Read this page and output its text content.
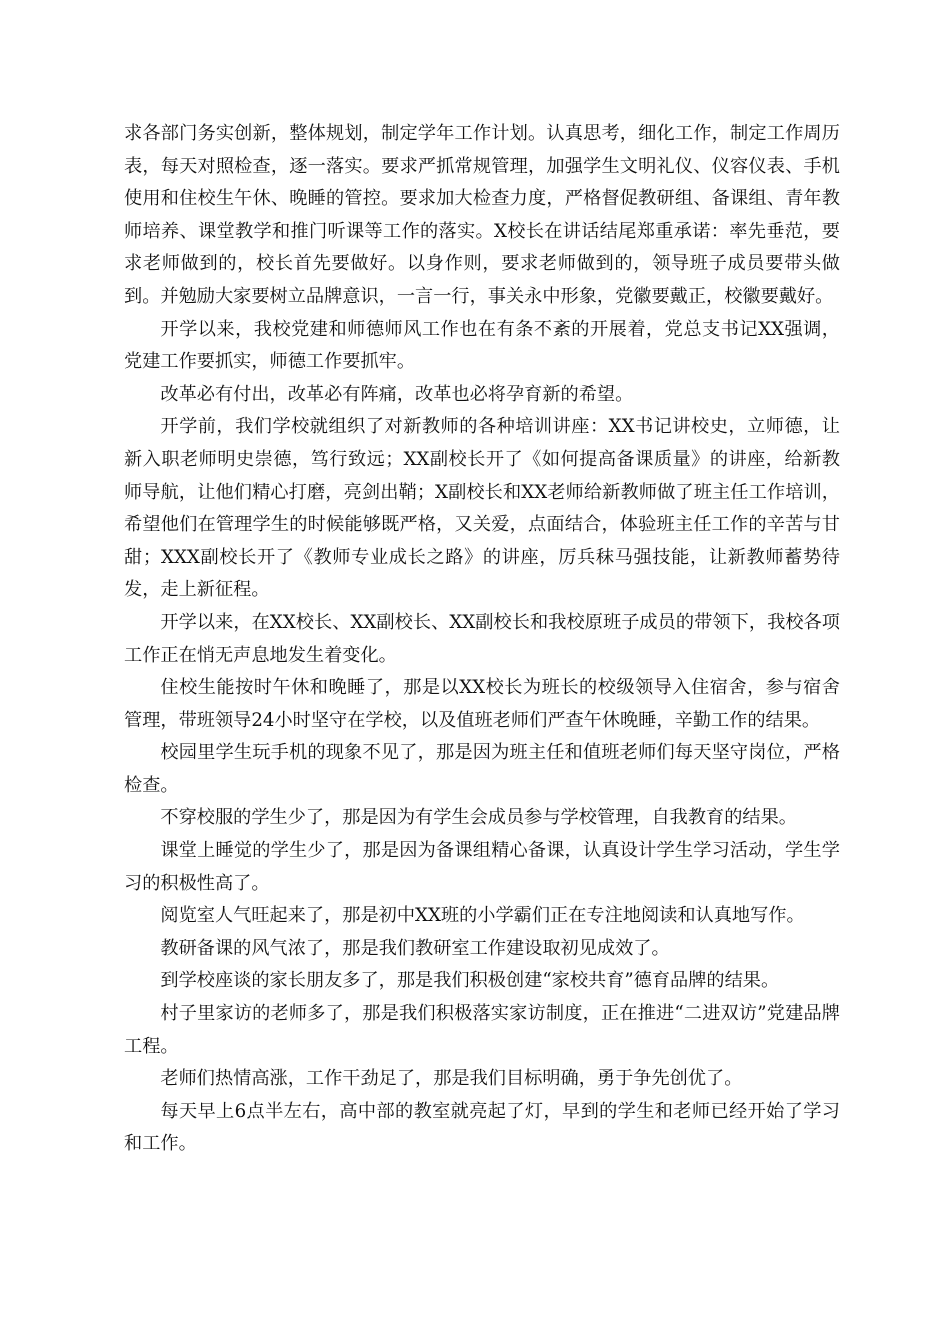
求各部门务实创新，整体规划，制定学年工作计划。认真思考，细化工作，制定工作周历表，每天对照检查，逐一落实。要求严抓常规管理，加强学生文明礼仪、仪容仪表、手机使用和住校生午休、晚睡的管控。要求加大检查力度，严格督促教研组、备课组、青年教师培养、课堂教学和推门听课等工作的落实。X校长在讲话结尾郑重承诺：率先垂范，要求老师做到的，校长首先要做好。以身作则，要求老师做到的，领导班子成员要带头做到。并勉励大家要树立品牌意识，一言一行，事关永中形象，党徽要戴正，校徽要戴好。

开学以来，我校党建和师德师风工作也在有条不紊的开展着，党总支书记XX强调，党建工作要抓实，师德工作要抓牢。

改革必有付出，改革必有阵痛，改革也必将孕育新的希望。

开学前，我们学校就组织了对新教师的各种培训讲座：XX书记讲校史，立师德，让新入职老师明史崇德，笃行致远；XX副校长开了《如何提高备课质量》的讲座，给新教师导航，让他们精心打磨，亮剑出鞘；X副校长和XX老师给新教师做了班主任工作培训，希望他们在管理学生的时候能够既严格，又关爱，点面结合，体验班主任工作的辛苦与甘甜；XXX副校长开了《教师专业成长之路》的讲座，厉兵秣马强技能，让新教师蓄势待发，走上新征程。

开学以来，在XX校长、XX副校长、XX副校长和我校原班子成员的带领下，我校各项工作正在悄无声息地发生着变化。

住校生能按时午休和晚睡了，那是以XX校长为班长的校级领导入住宿舍，参与宿舍管理，带班领导24小时坚守在学校，以及值班老师们严查午休晚睡，辛勤工作的结果。

校园里学生玩手机的现象不见了，那是因为班主任和值班老师们每天坚守岗位，严格检查。

不穿校服的学生少了，那是因为有学生会成员参与学校管理，自我教育的结果。

课堂上睡觉的学生少了，那是因为备课组精心备课，认真设计学生学习活动，学生学习的积极性高了。

阅览室人气旺起来了，那是初中XX班的小学霸们正在专注地阅读和认真地写作。

教研备课的风气浓了，那是我们教研室工作建设取初见成效了。

到学校座谈的家长朋友多了，那是我们积极创建“家校共育”德育品牌的结果。

村子里家访的老师多了，那是我们积极落实家访制度，正在推进“二进双访”党建品牌工程。

老师们热情高涨，工作干劲足了，那是我们目标明确，勇于争先创优了。

每天早上6点半左右，高中部的教室就亮起了灯，早到的学生和老师已经开始了学习和工作。
